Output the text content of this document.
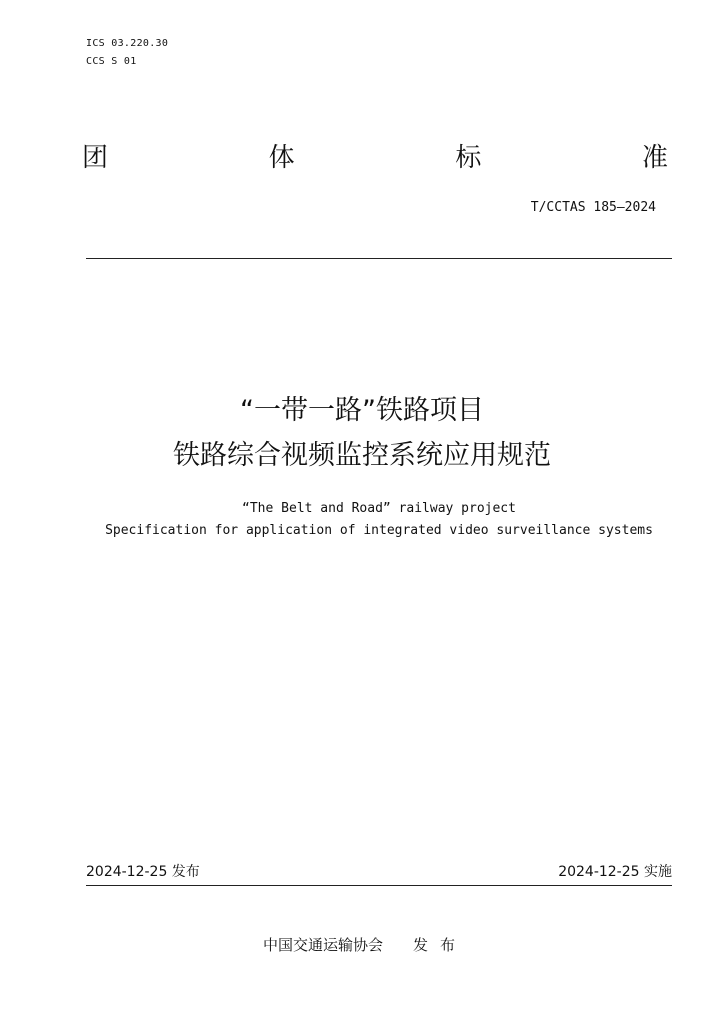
ICS 03.220.30
CCS S 01
团	体	标	准
T/CCTAS 185—2024
“一带一路”铁路项目
铁路综合视频监控系统应用规范
“The Belt and Road” railway project
Specification for application of integrated video surveillance systems
2024-12-25 发布	2024-12-25 实施
中国交通运输协会 发布
